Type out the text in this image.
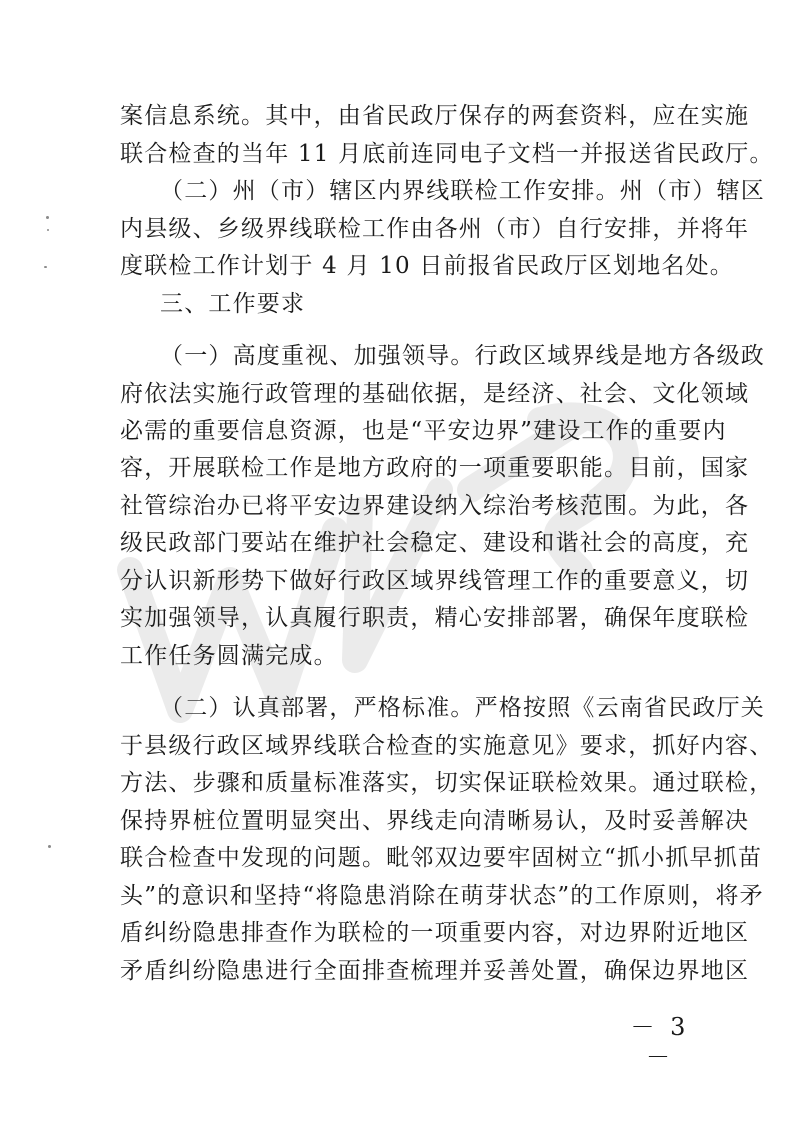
案信息系统。其中，由省民政厅保存的两套资料，应在实施
联合检查的当年 11 月底前连同电子文档一并报送省民政厅。
（二）州（市）辖区内界线联检工作安排。州（市）辖区
内县级、乡级界线联检工作由各州（市）自行安排，并将年
度联检工作计划于 4 月 10 日前报省民政厅区划地名处。
三、工作要求
（一）高度重视、加强领导。行政区域界线是地方各级政
府依法实施行政管理的基础依据，是经济、社会、文化领域
必需的重要信息资源，也是“平安边界”建设工作的重要内
容，开展联检工作是地方政府的一项重要职能。目前，国家
社管综治办已将平安边界建设纳入综治考核范围。为此，各
级民政部门要站在维护社会稳定、建设和谐社会的高度，充
分认识新形势下做好行政区域界线管理工作的重要意义，切
实加强领导，认真履行职责，精心安排部署，确保年度联检
工作任务圆满完成。
（二）认真部署，严格标准。严格按照《云南省民政厅关
于县级行政区域界线联合检查的实施意见》要求，抓好内容、
方法、步骤和质量标准落实，切实保证联检效果。通过联检，
保持界桩位置明显突出、界线走向清晰易认，及时妥善解决
联合检查中发现的问题。毗邻双边要牢固树立“抓小抓早抓苗
头”的意识和坚持“将隐患消除在萌芽状态”的工作原则，将矛
盾纠纷隐患排查作为联检的一项重要内容，对边界附近地区
矛盾纠纷隐患进行全面排查梳理并妥善处置，确保边界地区
－ 3 －
